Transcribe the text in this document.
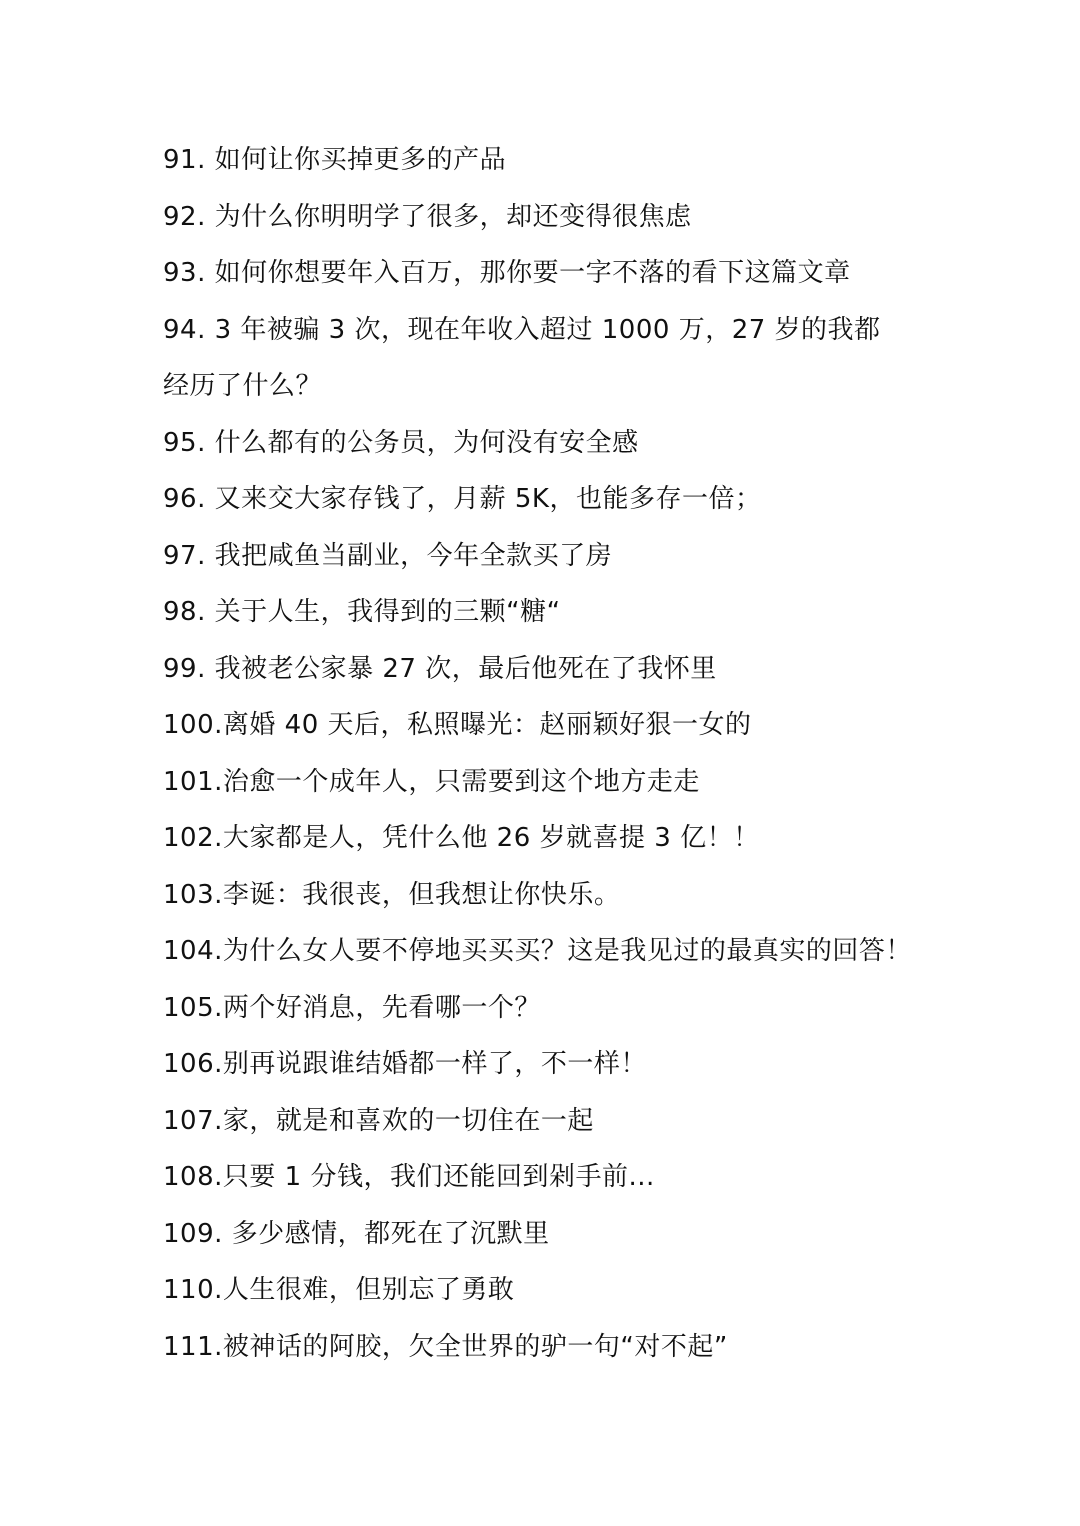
91. 如何让你买掉更多的产品
92. 为什么你明明学了很多，却还变得很焦虑
93. 如何你想要年入百万，那你要一字不落的看下这篇文章
94. 3 年被骗 3 次，现在年收入超过 1000 万，27 岁的我都
经历了什么？
95. 什么都有的公务员，为何没有安全感
96. 又来交大家存钱了，月薪 5K，也能多存一倍；
97. 我把咸鱼当副业，今年全款买了房
98. 关于人生，我得到的三颗“糖“
99. 我被老公家暴 27 次，最后他死在了我怀里
100.离婚 40 天后，私照曝光：赵丽颖好狠一女的
101.治愈一个成年人，只需要到这个地方走走
102.大家都是人，凭什么他 26 岁就喜提 3 亿！！
103.李诞：我很丧，但我想让你快乐。
104.为什么女人要不停地买买买？这是我见过的最真实的回答！
105.两个好消息，先看哪一个？
106.别再说跟谁结婚都一样了，不一样！
107.家，就是和喜欢的一切住在一起
108.只要 1 分钱，我们还能回到剁手前...
109. 多少感情，都死在了沉默里
110.人生很难，但别忘了勇敢
111.被神话的阿胶，欠全世界的驴一句“对不起”
